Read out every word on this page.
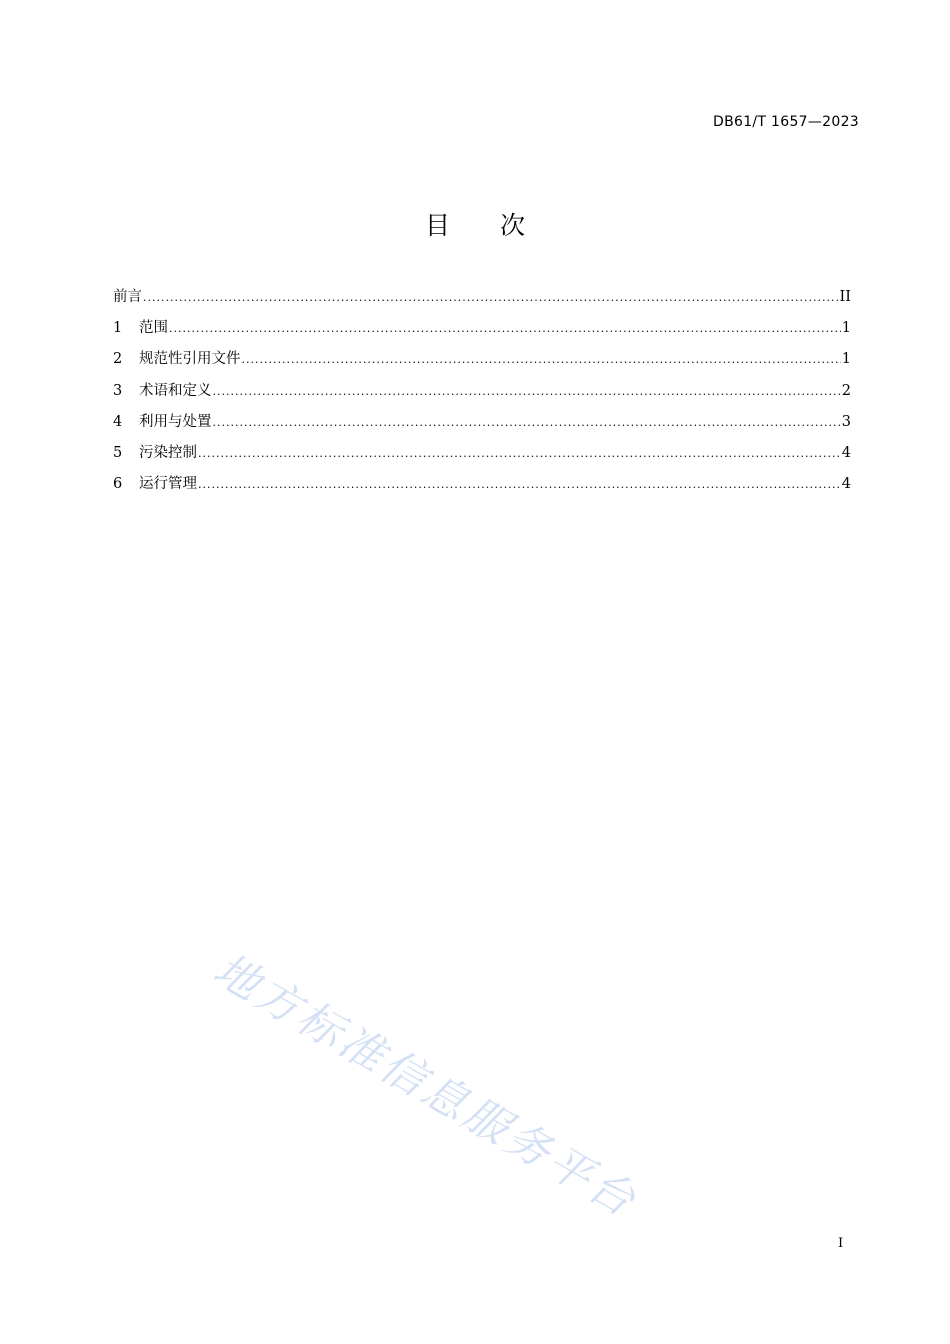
DB61/T 1657—2023
目 次
前言 .....	II
1	范围 .....	1
2	规范性引用文件 .....	1
3	术语和定义 .....	2
4	利用与处置 .....	3
5	污染控制 .....	4
6	运行管理 .....	4
地方标准信息服务平台
I
